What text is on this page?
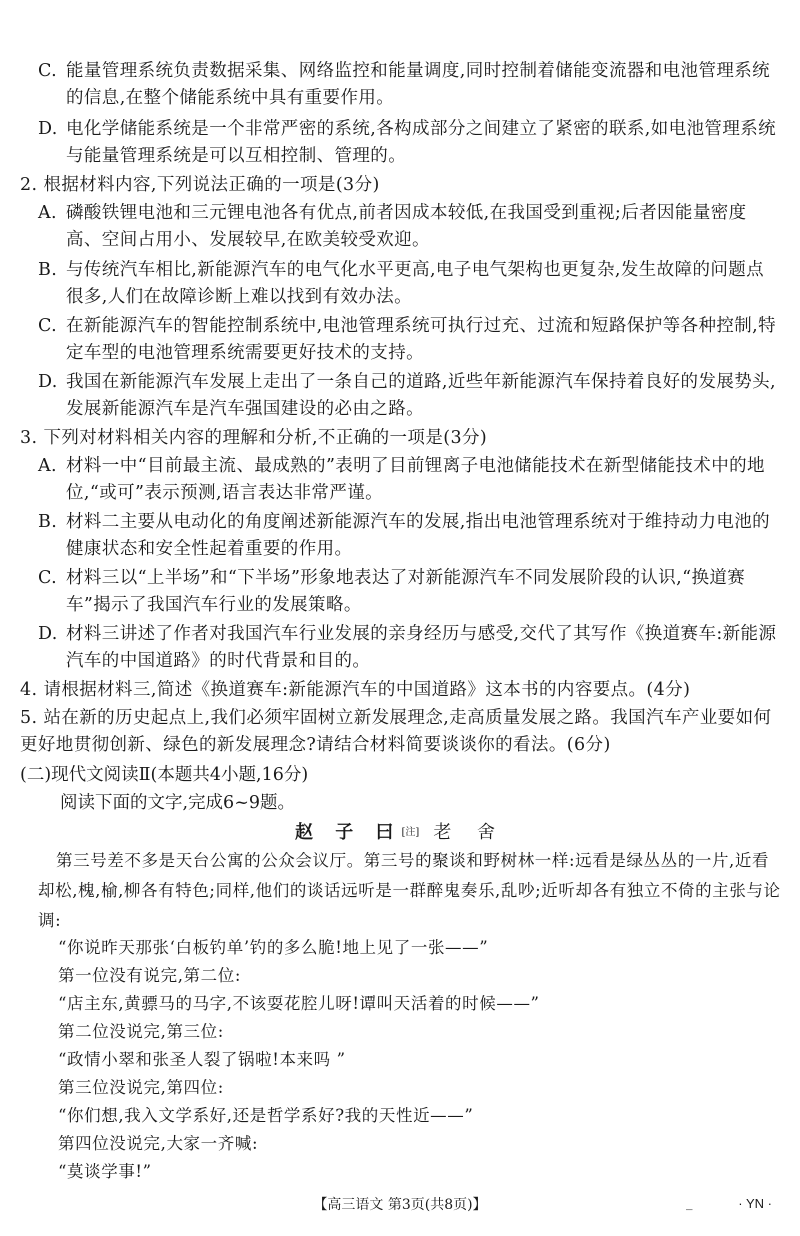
C. 能量管理系统负责数据采集、网络监控和能量调度,同时控制着储能变流器和电池管理系统的信息,在整个储能系统中具有重要作用。
D. 电化学储能系统是一个非常严密的系统,各构成部分之间建立了紧密的联系,如电池管理系统与能量管理系统是可以互相控制、管理的。
2. 根据材料内容,下列说法正确的一项是(3分)
A. 磷酸铁锂电池和三元锂电池各有优点,前者因成本较低,在我国受到重视;后者因能量密度高、空间占用小、发展较早,在欧美较受欢迎。
B. 与传统汽车相比,新能源汽车的电气化水平更高,电子电气架构也更复杂,发生故障的问题点很多,人们在故障诊断上难以找到有效办法。
C. 在新能源汽车的智能控制系统中,电池管理系统可执行过充、过流和短路保护等各种控制,特定车型的电池管理系统需要更好技术的支持。
D. 我国在新能源汽车发展上走出了一条自己的道路,近些年新能源汽车保持着良好的发展势头,发展新能源汽车是汽车强国建设的必由之路。
3. 下列对材料相关内容的理解和分析,不正确的一项是(3分)
A. 材料一中“目前最主流、最成熟的”表明了目前锂离子电池储能技术在新型储能技术中的地位,“或可”表示预测,语言表达非常严谨。
B. 材料二主要从电动化的角度阐述新能源汽车的发展,指出电池管理系统对于维持动力电池的健康状态和安全性起着重要的作用。
C. 材料三以“上半场”和“下半场”形象地表达了对新能源汽车不同发展阶段的认识,“换道赛车”揭示了我国汽车行业的发展策略。
D. 材料三讲述了作者对我国汽车行业发展的亲身经历与感受,交代了其写作《换道赛车:新能源汽车的中国道路》的时代背景和目的。
4. 请根据材料三,简述《换道赛车:新能源汽车的中国道路》这本书的内容要点。(4分)
5. 站在新的历史起点上,我们必须牢固树立新发展理念,走高质量发展之路。我国汽车产业要如何更好地贯彻创新、绿色的新发展理念?请结合材料简要谈谈你的看法。(6分)
(二)现代文阅读Ⅱ(本题共4小题,16分)
阅读下面的文字,完成6~9题。
赵 子 曰[注] 老 舍
第三号差不多是天台公寓的公众会议厅。第三号的聚谈和野树林一样:远看是绿丛丛的一片,近看却松,槐,榆,柳各有特色;同样,他们的谈话远听是一群醉鬼奏乐,乱吵;近听却各有独立不倚的主张与论调:
“你说昨天那张‘白板钓单’钓的多么脆!地上见了一张——”
第一位没有说完,第二位:
“店主东,黄骠马的马字,不该耍花腔儿呀!谭叫天活着的时候——”
第二位没说完,第三位:
“政情小翠和张圣人裂了锅啦!本来吗 ”
第三位没说完,第四位:
“你们想,我入文学系好,还是哲学系好?我的天性近——”
第四位没说完,大家一齐喊:
“莫谈学事!”
【高三语文 第3页(共8页)】	_	· YN ·
